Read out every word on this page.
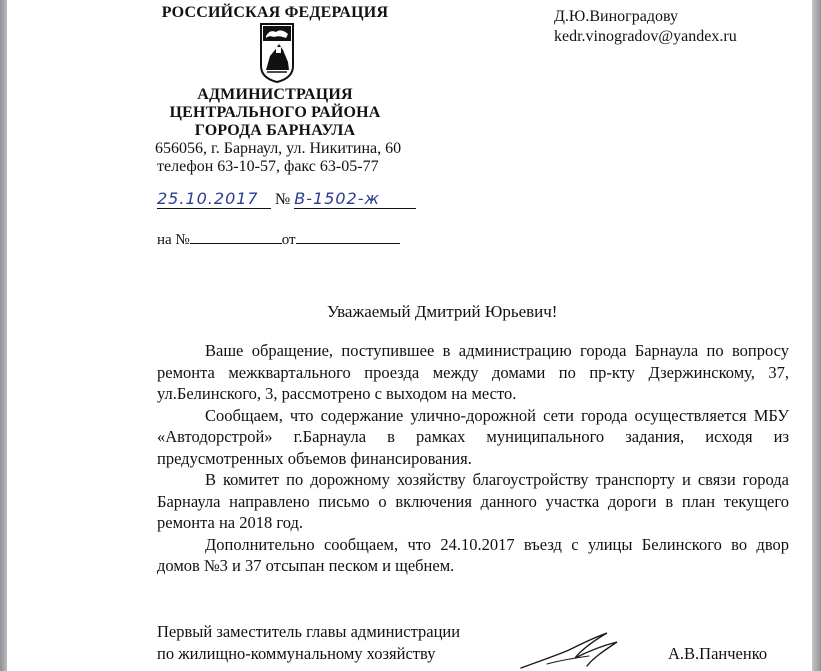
РОССИЙСКАЯ ФЕДЕРАЦИЯ
АДМИНИСТРАЦИЯ
ЦЕНТРАЛЬНОГО РАЙОНА
ГОРОДА БАРНАУЛА
656056, г. Барнаул, ул. Никитина, 60
телефон 63-10-57, факс 63-05-77
Д.Ю.Виноградову
kedr.vinogradov@yandex.ru
25.10.2017 № В-1502-ж
на №	от
Уважаемый Дмитрий Юрьевич!

Ваше обращение, поступившее в администрацию города Барнаула по вопросу ремонта межквартального проезда между домами по пр-кту Дзержинскому, 37, ул.Белинского, 3, рассмотрено с выходом на место.

Сообщаем, что содержание улично-дорожной сети города осуществляется МБУ «Автодорстрой» г.Барнаула в рамках муниципального задания, исходя из предусмотренных объемов финансирования.

В комитет по дорожному хозяйству благоустройству транспорту и связи города Барнаула направлено письмо о включения данного участка дороги в план текущего ремонта на 2018 год.

Дополнительно сообщаем, что 24.10.2017 въезд с улицы Белинского во двор домов №3 и 37 отсыпан песком и щебнем.

Первый заместитель главы администрации
по жилищно-коммунальному хозяйству	А.В.Панченко
